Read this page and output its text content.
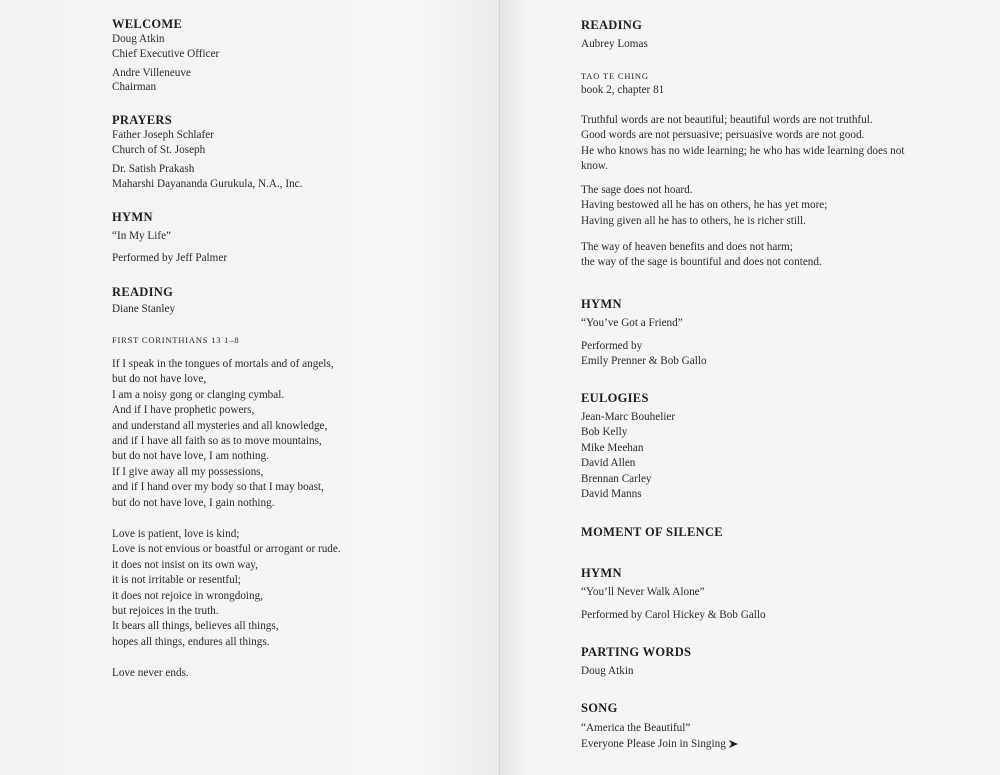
WELCOME

Doug Atkin

Chief Executive Officer

Andre Villeneuve

Chairman

PRAYERS

Father Joseph Schlafer

Church of St. Joseph

Dr. Satish Prakash

Maharshi Dayananda Gurukula, N.A., Inc.

HYMN

“In My Life”

Performed by Jeff Palmer

READING

Diane Stanley

FIRST CORINTHIANS 13 1–8

If I speak in the tongues of mortals and of angels,
but do not have love,
I am a noisy gong or clanging cymbal.
And if I have prophetic powers,
and understand all mysteries and all knowledge,
and if I have all faith so as to move mountains,
but do not have love, I am nothing.
If I give away all my possessions,
and if I hand over my body so that I may boast,
but do not have love, I gain nothing.
Love is patient, love is kind;
Love is not envious or boastful or arrogant or rude.
it does not insist on its own way,
it is not irritable or resentful;
it does not rejoice in wrongdoing,
but rejoices in the truth.
It bears all things, believes all things,
hopes all things, endures all things.

Love never ends.

READING

Aubrey Lomas

TAO TE CHING

book 2, chapter 81

Truthful words are not beautiful; beautiful words are not truthful.
Good words are not persuasive; persuasive words are not good.
He who knows has no wide learning; he who has wide learning does not
know.
The sage does not hoard.
Having bestowed all he has on others, he has yet more;
Having given all he has to others, he is richer still.
The way of heaven benefits and does not harm;
the way of the sage is bountiful and does not contend.

HYMN

“You’ve Got a Friend”

Performed by

Emily Prenner & Bob Gallo

EULOGIES

Jean-Marc Bouhelier
Bob Kelly
Mike Meehan
David Allen
Brennan Carley
David Manns

MOMENT OF SILENCE

HYMN

“You’ll Never Walk Alone”

Performed by Carol Hickey & Bob Gallo

PARTING WORDS

Doug Atkin

SONG

“America the Beautiful”

Everyone Please Join in Singing
